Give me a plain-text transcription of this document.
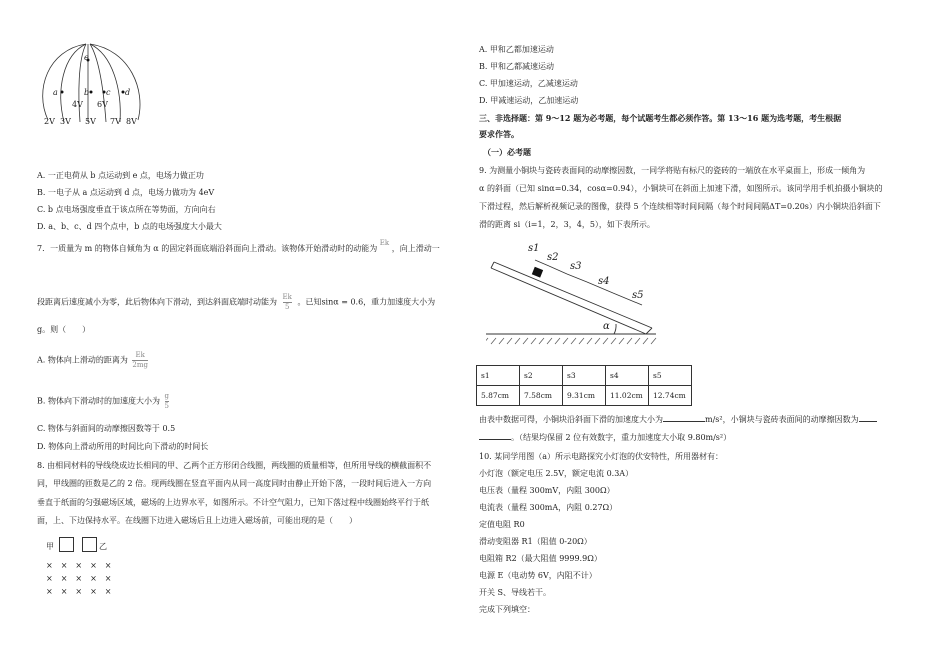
e
a	b c d
4V 6V
2V 3V 5V 7V 8V
A. 一正电荷从 b 点运动到 e 点，电场力做正功
B. 一电子从 a 点运动到 d 点，电场力做功为 4eV
C. b 点电场强度垂直于该点所在等势面，方向向右
D. a、b、c、d 四个点中，b 点的电场强度大小最大
7．一质量为 m 的物体自倾角为 α 的固定斜面底端沿斜面向上滑动。该物体开始滑动时的动能为 Ek ，向上滑动一
段距离后速度减小为零，此后物体向下滑动，到达斜面底端时动能为 $\frac{Ek}{5}$ 。已知sinα = 0.6，重力加速度大小为
g。则（　　）
A. 物体向上滑动的距离为 $\frac{Ek}{2mg}$
B. 物体向下滑动时的加速度大小为 $\frac{g}{5}$
C. 物体与斜面间的动摩擦因数等于 0.5
D. 物体向上滑动所用的时间比向下滑动的时间长
8. 由相同材料的导线绕成边长相同的甲、乙两个正方形闭合线圈，两线圈的质量相等，但所用导线的横截面积不
同，甲线圈的匝数是乙的 2 倍。现两线圈在竖直平面内从同一高度同时由静止开始下落，一段时间后进入一方向
垂直于纸面的匀强磁场区域，磁场的上边界水平，如图所示。不计空气阻力，已知下落过程中线圈始终平行于纸
面，上、下边保持水平。在线圈下边进入磁场后且上边进入磁场前，可能出现的是（　　）
甲	乙
×　×　×　×　×
×　×　×　×　×
×　×　×　×　×
A. 甲和乙都加速运动
B. 甲和乙都减速运动
C. 甲加速运动，乙减速运动
D. 甲减速运动，乙加速运动
三、非选择题：第 9～12 题为必考题，每个试题考生都必须作答。第 13～16 题为选考题，考生根据
要求作答。
（一）必考题
9. 为测量小铜块与瓷砖表面间的动摩擦因数，一同学将贴有标尺的瓷砖的一端放在水平桌面上，形成一倾角为
α 的斜面（已知 sinα=0.34，cosα=0.94），小铜块可在斜面上加速下滑，如图所示。该同学用手机拍摄小铜块的
下滑过程，然后解析视频记录的图像，获得 5 个连续相等时间间隔（每个时间间隔ΔT=0.20s）内小铜块沿斜面下
滑的距离 si（i=1，2，3，4，5），如下表所示。
s1
s2
s3
s4
s5
α
s1	s2	s3	s4	s5
5.87cm	7.58cm	9.31cm	11.02cm	12.74cm
由表中数据可得，小铜块沿斜面下滑的加速度大小为	m/s²，小铜块与瓷砖表面间的动摩擦因数为
。（结果均保留 2 位有效数字，重力加速度大小取 9.80m/s²）
10. 某同学用图（a）所示电路探究小灯泡的伏安特性，所用器材有：
小灯泡（额定电压 2.5V，额定电流 0.3A）
电压表（量程 300mV，内阻 300Ω）
电流表（量程 300mA，内阻 0.27Ω）
定值电阻 R0
滑动变阻器 R1（阻值 0-20Ω）
电阻箱 R2（最大阻值 9999.9Ω）
电源 E（电动势 6V，内阻不计）
开关 S、导线若干。
完成下列填空：
